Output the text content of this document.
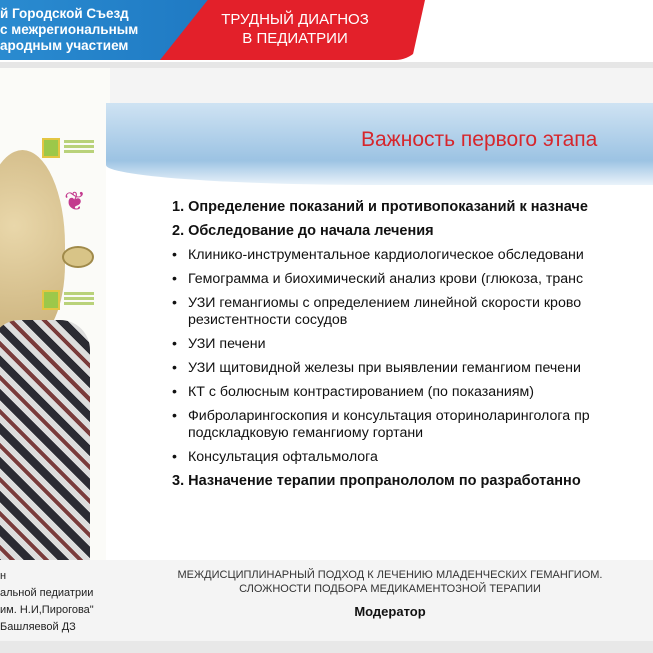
й Городской Съезд
с межрегиональным
ародным участием
ТРУДНЫЙ ДИАГНОЗ
В ПЕДИАТРИИ
❦
Важность первого этапа
1. Определение показаний и противопоказаний к назначе
2. Обследование до начала лечения
• Клинико-инструментальное кардиологическое обследовани
• Гемограмма и биохимический анализ крови (глюкоза, транс
• УЗИ гемангиомы с определением линейной скорости крово
резистентности сосудов
• УЗИ печени
• УЗИ щитовидной железы при выявлении гемангиом печени
• КТ с болюсным контрастированием (по показаниям)
• Фиброларингоскопия и консультация оториноларинголога пр
подскладковую гемангиому гортани
• Консультация офтальмолога
3. Назначение терапии пропранололом по разработанно
н
альной педиатрии
им. Н.И,Пирогова"
Башляевой ДЗ
МЕЖДИСЦИПЛИНАРНЫЙ ПОДХОД К ЛЕЧЕНИЮ МЛАДЕНЧЕСКИХ ГЕМАНГИОМ.
СЛОЖНОСТИ ПОДБОРА МЕДИКАМЕНТОЗНОЙ ТЕРАПИИ
Модератор
